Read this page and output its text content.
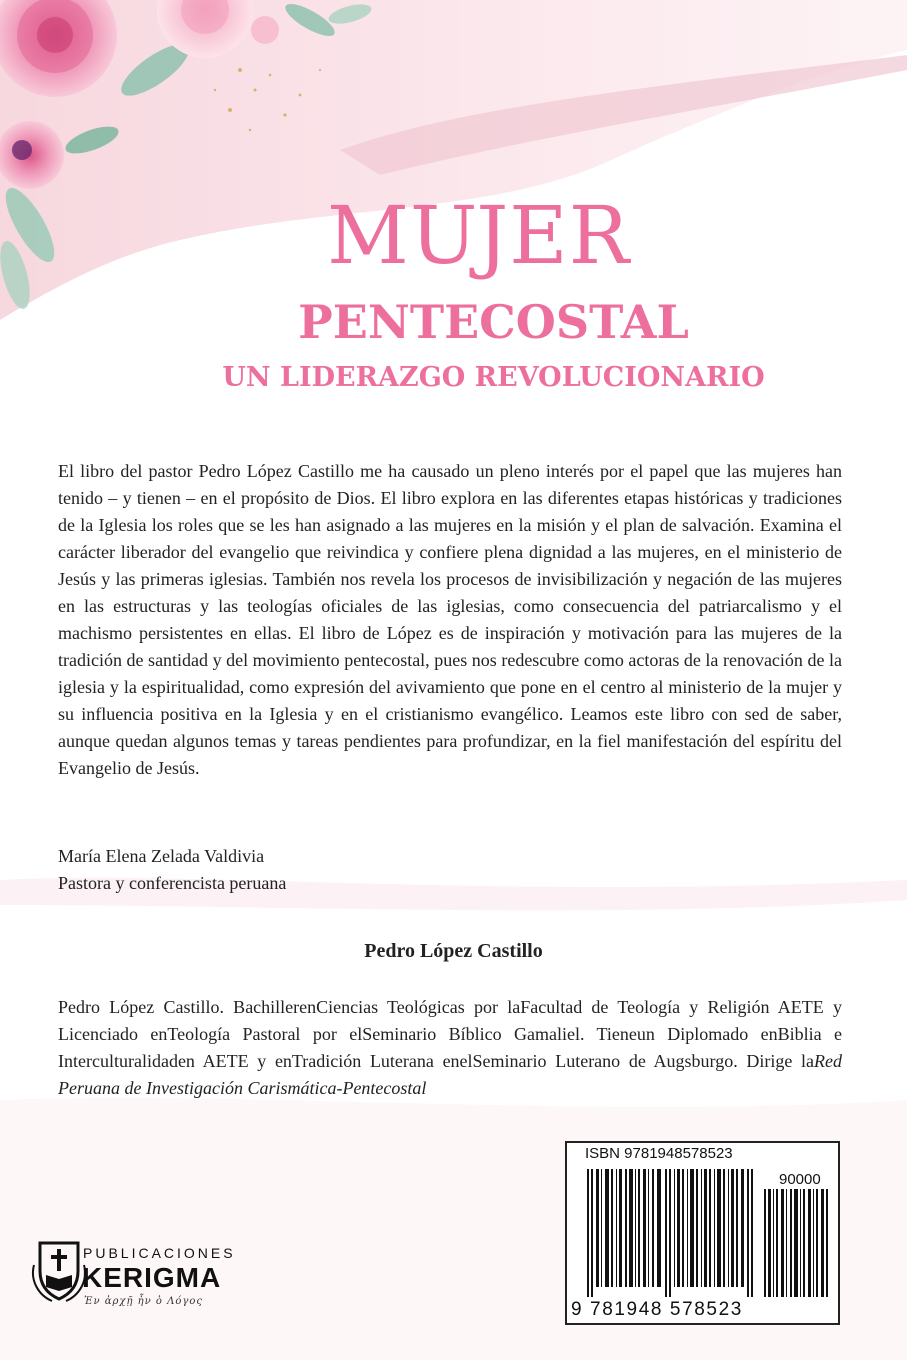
MUJER
PENTECOSTAL
UN LIDERAZGO REVOLUCIONARIO
El libro del pastor Pedro López Castillo me ha causado un pleno interés por el papel que las mujeres han tenido – y tienen – en el propósito de Dios. El libro explora en las diferentes etapas históricas y tradiciones de la Iglesia los roles que se les han asignado a las mujeres en la misión y el plan de salvación. Examina el carácter liberador del evangelio que reivindica y confiere plena dignidad a las mujeres, en el ministerio de Jesús y las primeras iglesias. También nos revela los procesos de invisibilización y negación de las mujeres en las estructuras y las teologías oficiales de las iglesias, como consecuencia del patriarcalismo y el machismo persistentes en ellas. El libro de López es de inspiración y motivación para las mujeres de la tradición de santidad y del movimiento pentecostal, pues nos redescubre como actoras de la renovación de la iglesia y la espiritualidad, como expresión del avivamiento que pone en el centro al ministerio de la mujer y su influencia positiva en la Iglesia y en el cristianismo evangélico. Leamos este libro con sed de saber, aunque quedan algunos temas y tareas pendientes para profundizar, en la fiel manifestación del espíritu del Evangelio de Jesús.
María Elena Zelada Valdivia
Pastora y conferencista peruana
Pedro López Castillo
Pedro López Castillo. BachillerenCiencias Teológicas por laFacultad de Teología y Religión AETE y Licenciado enTeología Pastoral por elSeminario Bíblico Gamaliel. Tieneun Diplomado enBiblia e Interculturalidaden AETE y enTradición Luterana enelSeminario Luterano de Augsburgo. Dirige laRed Peruana de Investigación Carismática-Pentecostal
ISBN 9781948578523
90000
9 781948 578523
PUBLICACIONES
KERIGMA
Ἐν ἀρχῇ ἦν ὁ Λόγος
